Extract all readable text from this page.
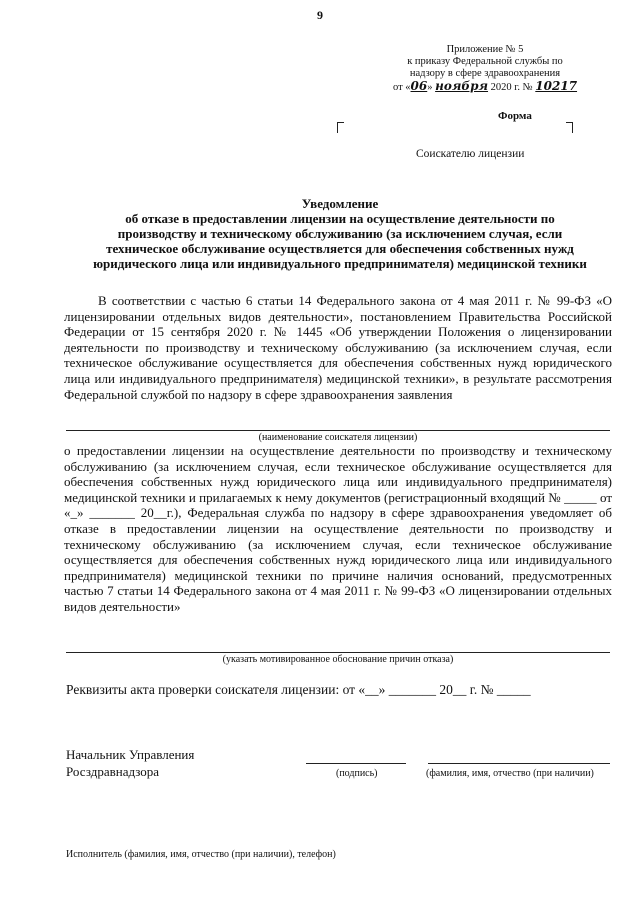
9
Приложение № 5
к приказу Федеральной службы по
надзору в сфере здравоохранения
от «06» ноября 2020 г. № 10217
Форма
Соискателю лицензии
Уведомление
об отказе в предоставлении лицензии на осуществление деятельности по
производству и техническому обслуживанию (за исключением случая, если
техническое обслуживание осуществляется для обеспечения собственных нужд
юридического лица или индивидуального предпринимателя) медицинской техники
В соответствии с частью 6 статьи 14 Федерального закона от 4 мая 2011 г. № 99-ФЗ «О лицензировании отдельных видов деятельности», постановлением Правительства Российской Федерации от 15 сентября 2020 г. № 1445 «Об утверждении Положения о лицензировании деятельности по производству и техническому обслуживанию (за исключением случая, если техническое обслуживание осуществляется для обеспечения собственных нужд юридического лица или индивидуального предпринимателя) медицинской техники», в результате рассмотрения Федеральной службой по надзору в сфере здравоохранения заявления
(наименование соискателя лицензии)
о предоставлении лицензии на осуществление деятельности по производству и техническому обслуживанию (за исключением случая, если техническое обслуживание осуществляется для обеспечения собственных нужд юридического лица или индивидуального предпринимателя) медицинской техники и прилагаемых к нему документов (регистрационный входящий № _____ от «_» _______ 20__г.), Федеральная служба по надзору в сфере здравоохранения уведомляет об отказе в предоставлении лицензии на осуществление деятельности по производству и техническому обслуживанию (за исключением случая, если техническое обслуживание осуществляется для обеспечения собственных нужд юридического лица или индивидуального предпринимателя) медицинской техники по причине наличия оснований, предусмотренных частью 7 статьи 14 Федерального закона от 4 мая 2011 г. № 99-ФЗ «О лицензировании отдельных видов деятельности»
(указать мотивированное обоснование причин отказа)
Реквизиты акта проверки соискателя лицензии: от «__» _______ 20__ г. № _____
Начальник Управления
Росздравнадзора	(подпись)	(фамилия, имя, отчество (при наличии)
Исполнитель (фамилия, имя, отчество (при наличии), телефон)
